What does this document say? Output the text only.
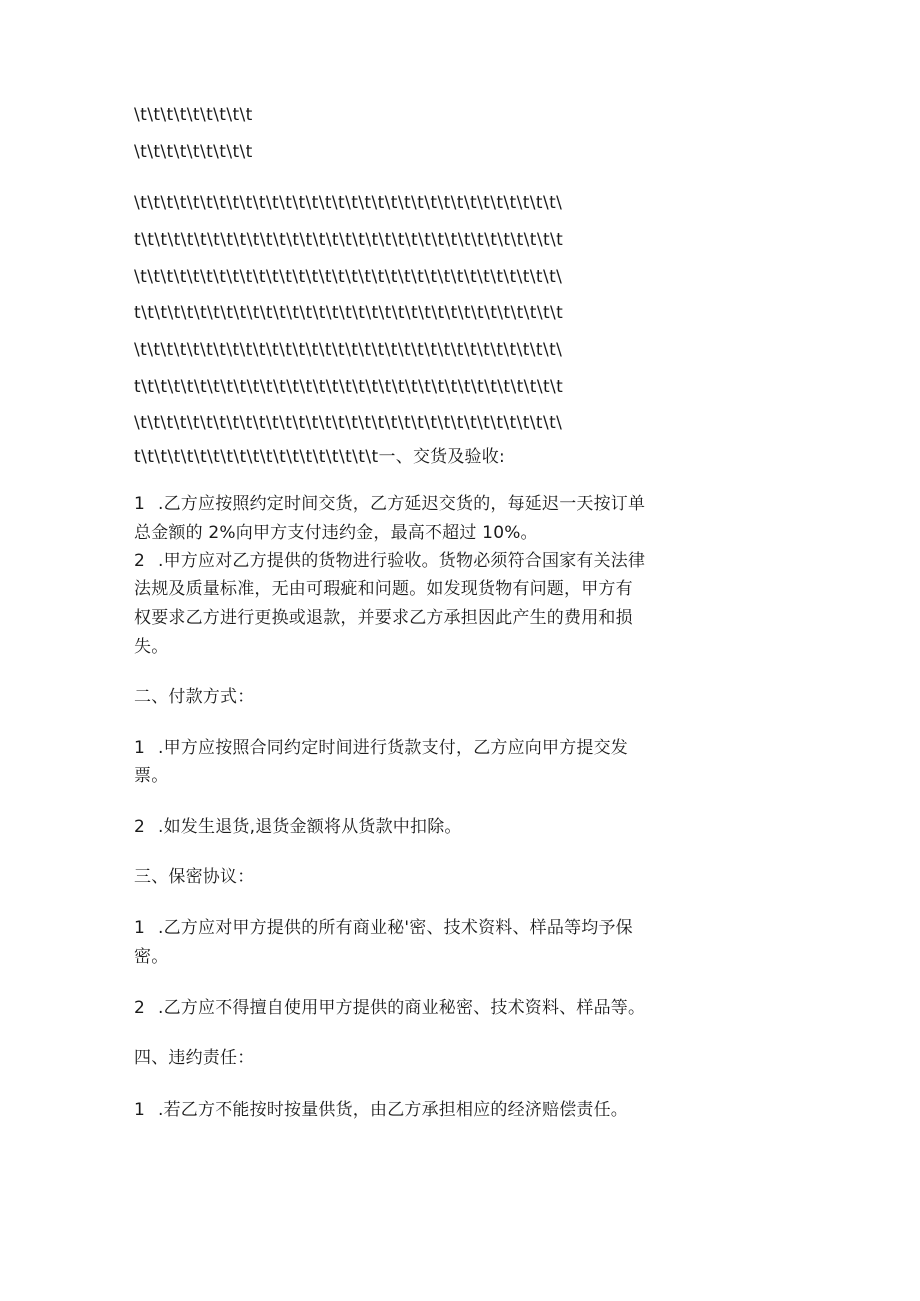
\t\t\t\t\t\t\t\t\t
\t\t\t\t\t\t\t\t\t
\t\t\t\t\t\t\t\t\t\t\t\t\t\t\t\t\t\t\t\t\t\t\t\t\t\t\t\t\t\t\t\t\
t\t\t\t\t\t\t\t\t\t\t\t\t\t\t\t\t\t\t\t\t\t\t\t\t\t\t\t\t\t\t\t\t
\t\t\t\t\t\t\t\t\t\t\t\t\t\t\t\t\t\t\t\t\t\t\t\t\t\t\t\t\t\t\t\t\
t\t\t\t\t\t\t\t\t\t\t\t\t\t\t\t\t\t\t\t\t\t\t\t\t\t\t\t\t\t\t\t\t
\t\t\t\t\t\t\t\t\t\t\t\t\t\t\t\t\t\t\t\t\t\t\t\t\t\t\t\t\t\t\t\t\
t\t\t\t\t\t\t\t\t\t\t\t\t\t\t\t\t\t\t\t\t\t\t\t\t\t\t\t\t\t\t\t\t
\t\t\t\t\t\t\t\t\t\t\t\t\t\t\t\t\t\t\t\t\t\t\t\t\t\t\t\t\t\t\t\t\
t\t\t\t\t\t\t\t\t\t\t\t\t\t\t\t\t\t\t一、交货及验收:
1 .乙方应按照约定时间交货，乙方延迟交货的，每延迟一天按订单
总金额的 2%向甲方支付违约金，最高不超过 10%。
2 .甲方应对乙方提供的货物进行验收。货物必须符合国家有关法律
法规及质量标准，无由可瑕疵和问题。如发现货物有问题，甲方有
权要求乙方进行更换或退款，并要求乙方承担因此产生的费用和损
失。
二、付款方式：
1 .甲方应按照合同约定时间进行货款支付，乙方应向甲方提交发
票。
2 .如发生退货,退货金额将从货款中扣除。
三、保密协议：
1 .乙方应对甲方提供的所有商业秘'密、技术资料、样品等均予保
密。
2 .乙方应不得擅自使用甲方提供的商业秘密、技术资料、样品等。
四、违约责任：
1 .若乙方不能按时按量供货，由乙方承担相应的经济赔偿责任。
